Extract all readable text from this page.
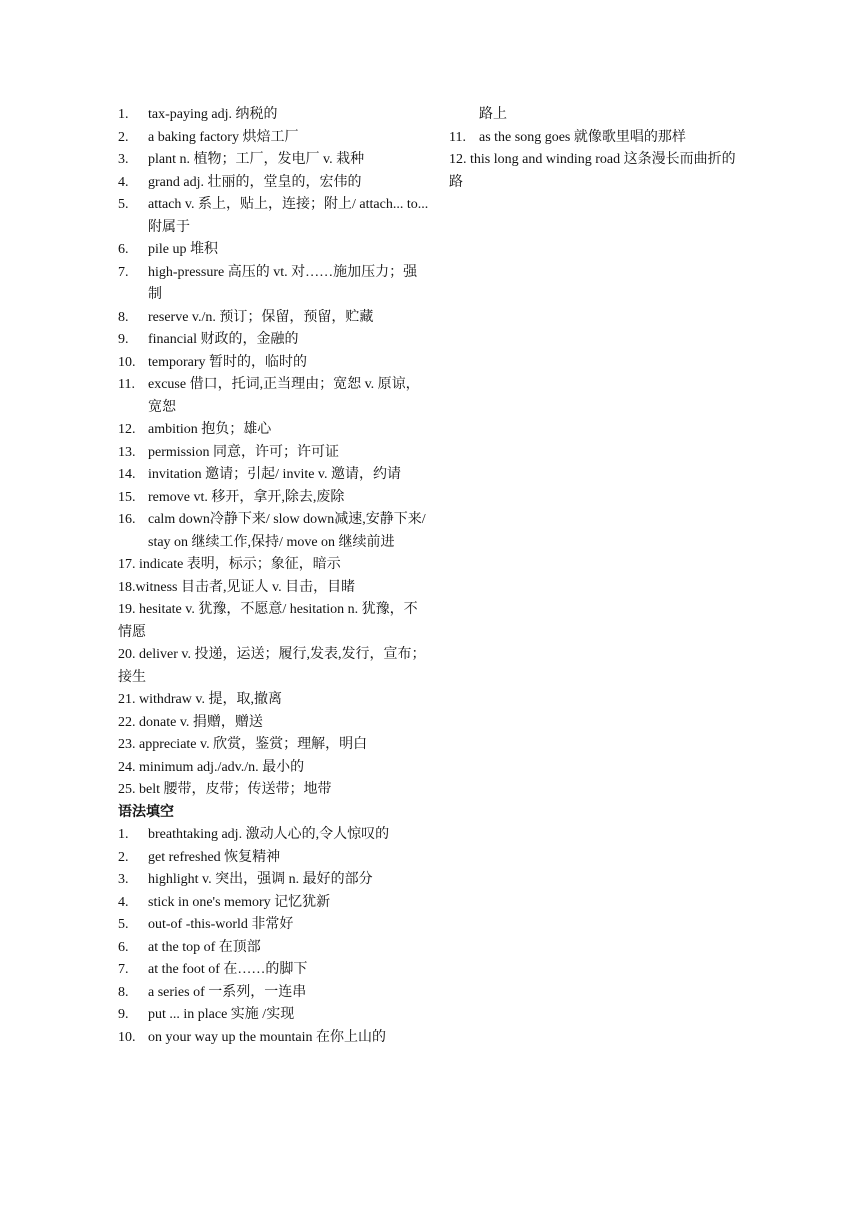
1. tax-paying adj. 纳税的
2. a baking factory 烘焙工厂
3. plant n. 植物；工厂，发电厂 v. 栽种
4. grand adj. 壮丽的，堂皇的，宏伟的
5. attach v. 系上，贴上，连接；附上/ attach... to...附属于
6. pile up 堆积
7. high-pressure 高压的 vt. 对……施加压力；强制
8. reserve v./n. 预订；保留，预留，贮藏
9. financial 财政的，金融的
10. temporary 暂时的，临时的
11. excuse 借口，托词,正当理由；宽恕 v. 原谅，宽恕
12. ambition 抱负；雄心
13. permission 同意，许可；许可证
14. invitation 邀请；引起/ invite v. 邀请，约请
15. remove vt. 移开，拿开,除去,废除
16. calm down冷静下来/ slow down减速,安静下来/ stay on 继续工作,保持/ move on 继续前进
17. indicate 表明，标示；象征，暗示
18.witness 目击者,见证人 v. 目击，目睹
19. hesitate v. 犹豫，不愿意/ hesitation n. 犹豫，不情愿
20. deliver v. 投递，运送；履行,发表,发行，宣布；接生
21. withdraw v. 提，取,撤离
22. donate v. 捐赠，赠送
23. appreciate v. 欣赏，鉴赏；理解，明白
24. minimum adj./adv./n. 最小的
25. belt 腰带，皮带；传送带；地带
语法填空
1. breathtaking adj. 激动人心的,令人惊叹的
2. get refreshed 恢复精神
3. highlight v. 突出，强调 n. 最好的部分
4. stick in one's memory 记忆犹新
5. out-of -this-world 非常好
6. at the top of 在顶部
7. at the foot of 在……的脚下
8. a series of 一系列，一连串
9. put ... in place 实施 /实现
10. on your way up the mountain 在你上山的
路上
11. as the song goes 就像歌里唱的那样
12. this long and winding road 这条漫长而曲折的路
